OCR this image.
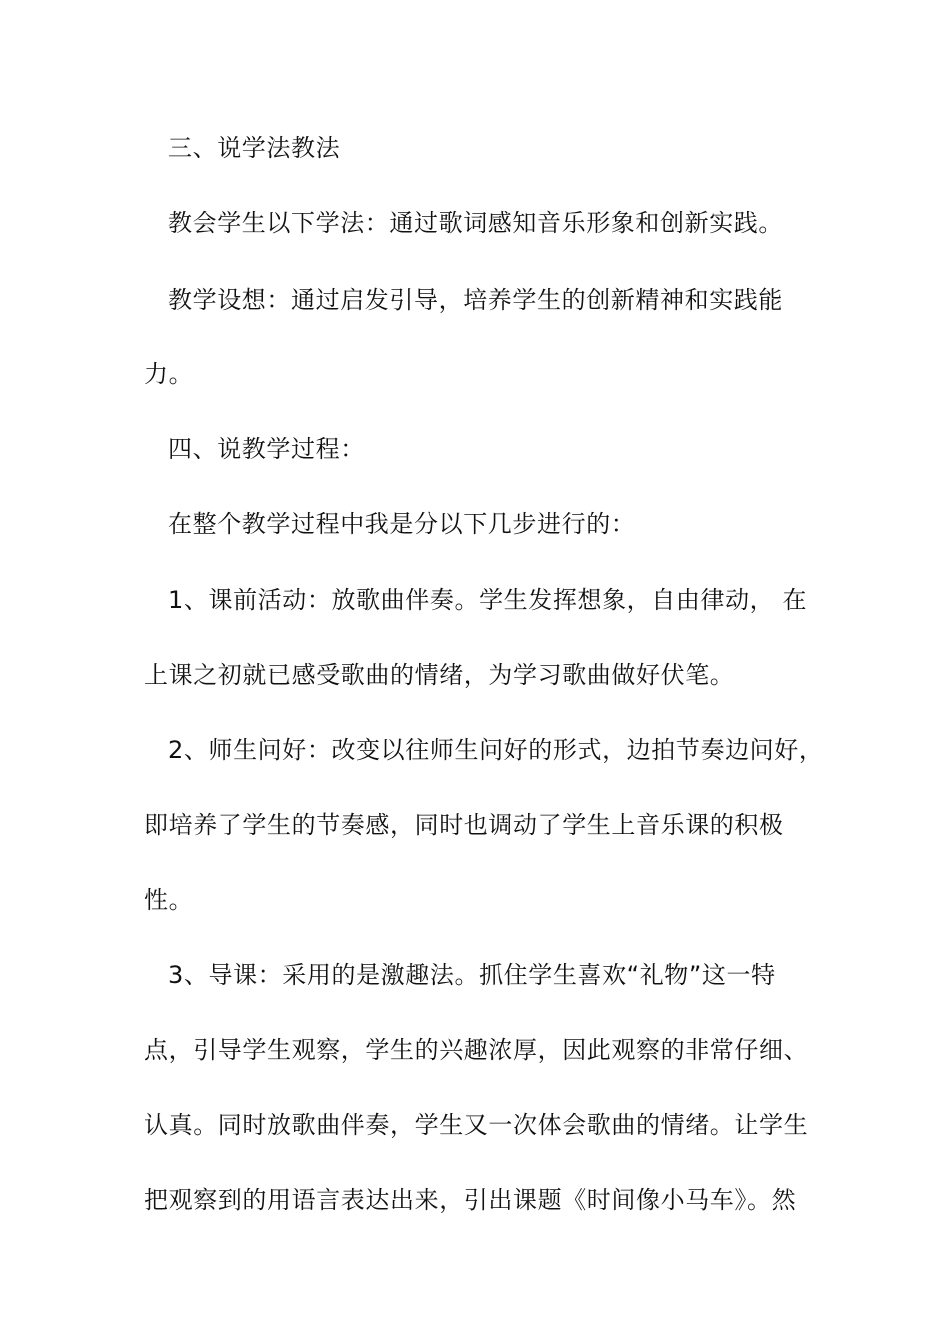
三、说学法教法
教会学生以下学法：通过歌词感知音乐形象和创新实践。
教学设想：通过启发引导，培养学生的创新精神和实践能
力。
四、说教学过程：
在整个教学过程中我是分以下几步进行的：
1、课前活动：放歌曲伴奏。学生发挥想象，自由律动， 在
上课之初就已感受歌曲的情绪，为学习歌曲做好伏笔。
2、师生问好：改变以往师生问好的形式，边拍节奏边问好，
即培养了学生的节奏感，同时也调动了学生上音乐课的积极
性。
3、导课：采用的是激趣法。抓住学生喜欢“礼物”这一特
点，引导学生观察，学生的兴趣浓厚，因此观察的非常仔细、
认真。同时放歌曲伴奏，学生又一次体会歌曲的情绪。让学生
把观察到的用语言表达出来，引出课题《时间像小马车》。然
